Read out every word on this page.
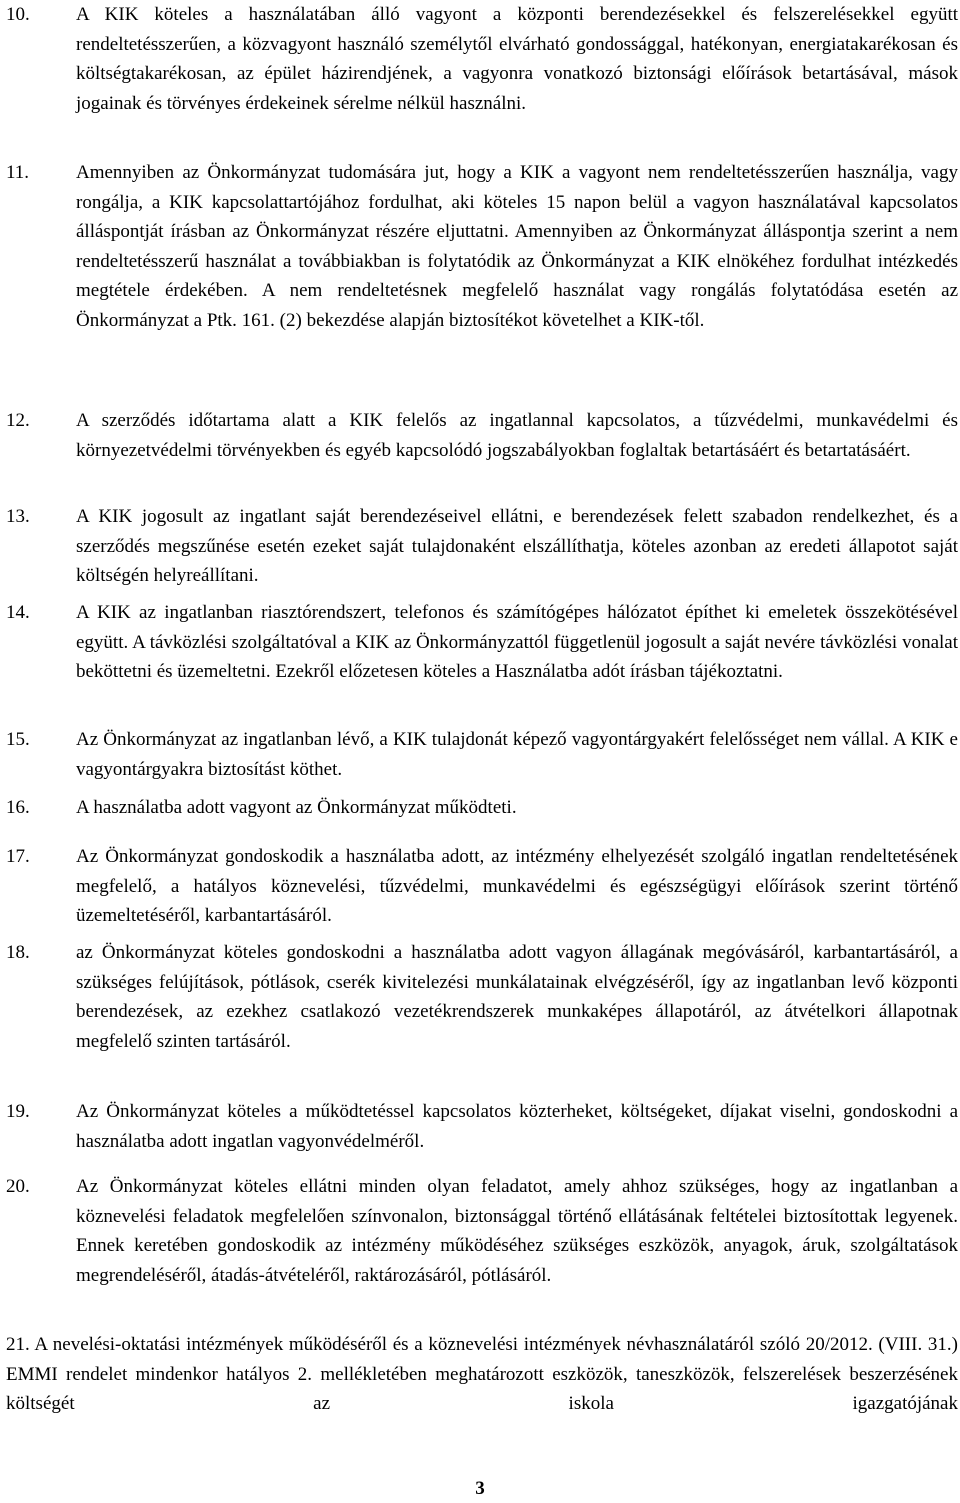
10.	A KIK köteles a használatában álló vagyont a központi berendezésekkel és felszerelésekkel együtt rendeltetésszerűen, a közvagyont használó személytől elvárható gondossággal, hatékonyan, energiatakarékosan és költségtakarékosan, az épület házirendjének, a vagyonra vonatkozó biztonsági előírások betartásával, mások jogainak és törvényes érdekeinek sérelme nélkül használni.
11.	Amennyiben az Önkormányzat tudomására jut, hogy a KIK a vagyont nem rendeltetésszerűen használja, vagy rongálja, a KIK kapcsolattartójához fordulhat, aki köteles 15 napon belül a vagyon használatával kapcsolatos álláspontját írásban az Önkormányzat részére eljuttatni. Amennyiben az Önkormányzat álláspontja szerint a nem rendeltetésszerű használat a továbbiakban is folytatódik az Önkormányzat a KIK elnökéhez fordulhat intézkedés megtétele érdekében. A nem rendeltetésnek megfelelő használat vagy rongálás folytatódása esetén az Önkormányzat a Ptk. 161. (2) bekezdése alapján biztosítékot követelhet a KIK-től.
12.	A szerződés időtartama alatt a KIK felelős az ingatlannal kapcsolatos, a tűzvédelmi, munkavédelmi és környezetvédelmi törvényekben és egyéb kapcsolódó jogszabályokban foglaltak betartásáért és betartatásáért.
13.	A KIK jogosult az ingatlant saját berendezéseivel ellátni, e berendezések felett szabadon rendelkezhet, és a szerződés megszűnése esetén ezeket saját tulajdonaként elszállíthatja, köteles azonban az eredeti állapotot saját költségén helyreállítani.
14.	A KIK az ingatlanban riasztórendszert, telefonos és számítógépes hálózatot építhet ki emeletek összekötésével együtt. A távközlési szolgáltatóval a KIK az Önkormányzattól függetlenül jogosult a saját nevére távközlési vonalat beköttetni és üzemeltetni. Ezekről előzetesen köteles a Használatba adót írásban tájékoztatni.
15.	Az Önkormányzat az ingatlanban lévő, a KIK tulajdonát képező vagyontárgyakért felelősséget nem vállal. A KIK e vagyontárgyakra biztosítást köthet.
16.	A használatba adott vagyont az Önkormányzat működteti.
17.	Az Önkormányzat gondoskodik a használatba adott, az intézmény elhelyezését szolgáló ingatlan rendeltetésének megfelelő, a hatályos köznevelési, tűzvédelmi, munkavédelmi és egészségügyi előírások szerint történő üzemeltetéséről, karbantartásáról.
18.	az Önkormányzat köteles gondoskodni a használatba adott vagyon állagának megóvásáról, karbantartásáról, a szükséges felújítások, pótlások, cserék kivitelezési munkálatainak elvégzéséről, így az ingatlanban levő központi berendezések, az ezekhez csatlakozó vezetékrendszerek munkaképes állapotáról, az átvételkori állapotnak megfelelő szinten tartásáról.
19.	Az Önkormányzat köteles a működtetéssel kapcsolatos közterheket, költségeket, díjakat viselni, gondoskodni a használatba adott ingatlan vagyonvédelméről.
20.	Az Önkormányzat köteles ellátni minden olyan feladatot, amely ahhoz szükséges, hogy az ingatlanban a köznevelési feladatok megfelelően színvonalon, biztonsággal történő ellátásának feltételei biztosítottak legyenek. Ennek keretében gondoskodik az intézmény működéséhez szükséges eszközök, anyagok, áruk, szolgáltatások megrendeléséről, átadás-átvételéről, raktározásáról, pótlásáról.
21. A nevelési-oktatási intézmények működéséről és a köznevelési intézmények névhasználatáról szóló 20/2012. (VIII. 31.) EMMI rendelet mindenkor hatályos 2. mellékletében meghatározott eszközök, taneszközök, felszerelések beszerzésének költségét az iskola igazgatójának
3
